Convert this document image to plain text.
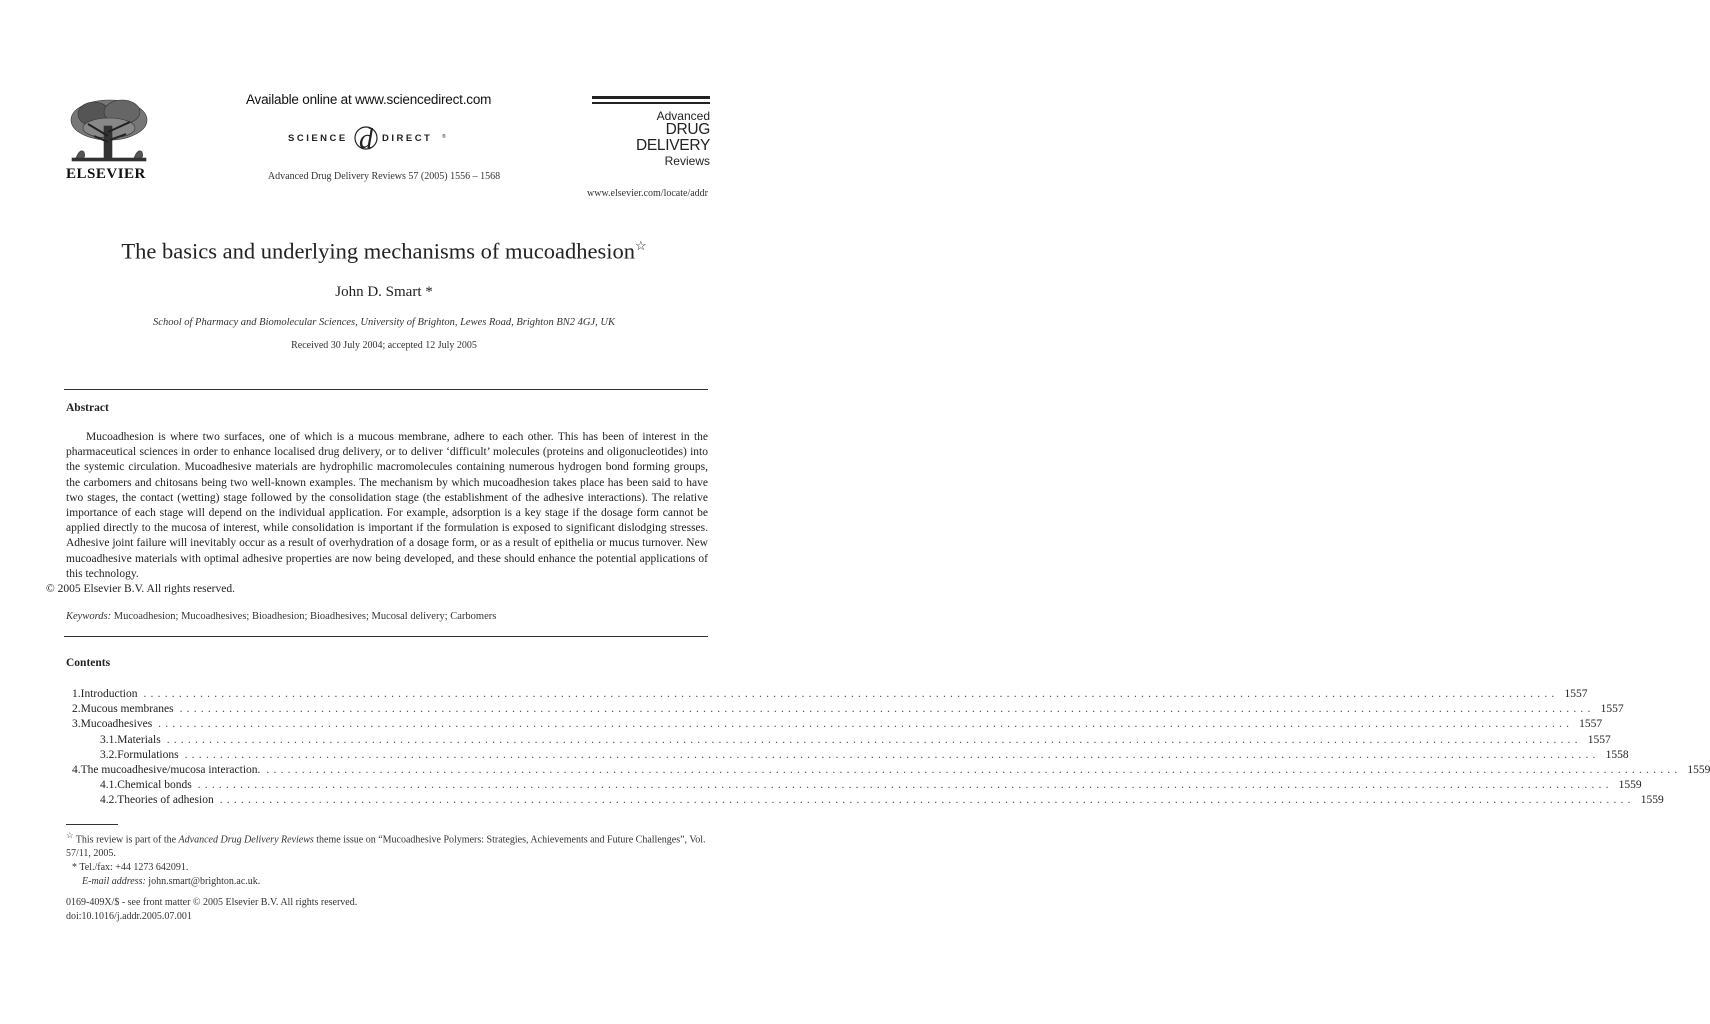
ELSEVIER
Available online at www.sciencedirect.com
SCIENCE d DIRECT ®
Advanced Drug Delivery Reviews 57 (2005) 1556 – 1568
Advanced
DRUG DELIVERY
Reviews
www.elsevier.com/locate/addr
The basics and underlying mechanisms of mucoadhesion☆
John D. Smart *
School of Pharmacy and Biomolecular Sciences, University of Brighton, Lewes Road, Brighton BN2 4GJ, UK
Received 30 July 2004; accepted 12 July 2005
Abstract
Mucoadhesion is where two surfaces, one of which is a mucous membrane, adhere to each other. This has been of interest in the pharmaceutical sciences in order to enhance localised drug delivery, or to deliver ‘difficult’ molecules (proteins and oligonucleotides) into the systemic circulation. Mucoadhesive materials are hydrophilic macromolecules containing numerous hydrogen bond forming groups, the carbomers and chitosans being two well-known examples. The mechanism by which mucoadhesion takes place has been said to have two stages, the contact (wetting) stage followed by the consolidation stage (the establishment of the adhesive interactions). The relative importance of each stage will depend on the individual application. For example, adsorption is a key stage if the dosage form cannot be applied directly to the mucosa of interest, while consolidation is important if the formulation is exposed to significant dislodging stresses. Adhesive joint failure will inevitably occur as a result of overhydration of a dosage form, or as a result of epithelia or mucus turnover. New mucoadhesive materials with optimal adhesive properties are now being developed, and these should enhance the potential applications of this technology.
© 2005 Elsevier B.V. All rights reserved.
Keywords: Mucoadhesion; Mucoadhesives; Bioadhesion; Bioadhesives; Mucosal delivery; Carbomers
Contents
1. Introduction ........................................................................................................................................................................................................ 1557
2. Mucous membranes ........................................................................................................................................................................................................ 1557
3. Mucoadhesives ........................................................................................................................................................................................................ 1557
3.1. Materials ........................................................................................................................................................................................................ 1557
3.2. Formulations ........................................................................................................................................................................................................ 1558
4. The mucoadhesive/mucosa interaction. ........................................................................................................................................................................................................ 1559
4.1. Chemical bonds ........................................................................................................................................................................................................ 1559
4.2. Theories of adhesion ........................................................................................................................................................................................................ 1559
☆ This review is part of the Advanced Drug Delivery Reviews theme issue on “Mucoadhesive Polymers: Strategies, Achievements and Future Challenges”, Vol. 57/11, 2005.
* Tel./fax: +44 1273 642091.
E-mail address: john.smart@brighton.ac.uk.
0169-409X/$ - see front matter © 2005 Elsevier B.V. All rights reserved.
doi:10.1016/j.addr.2005.07.001
